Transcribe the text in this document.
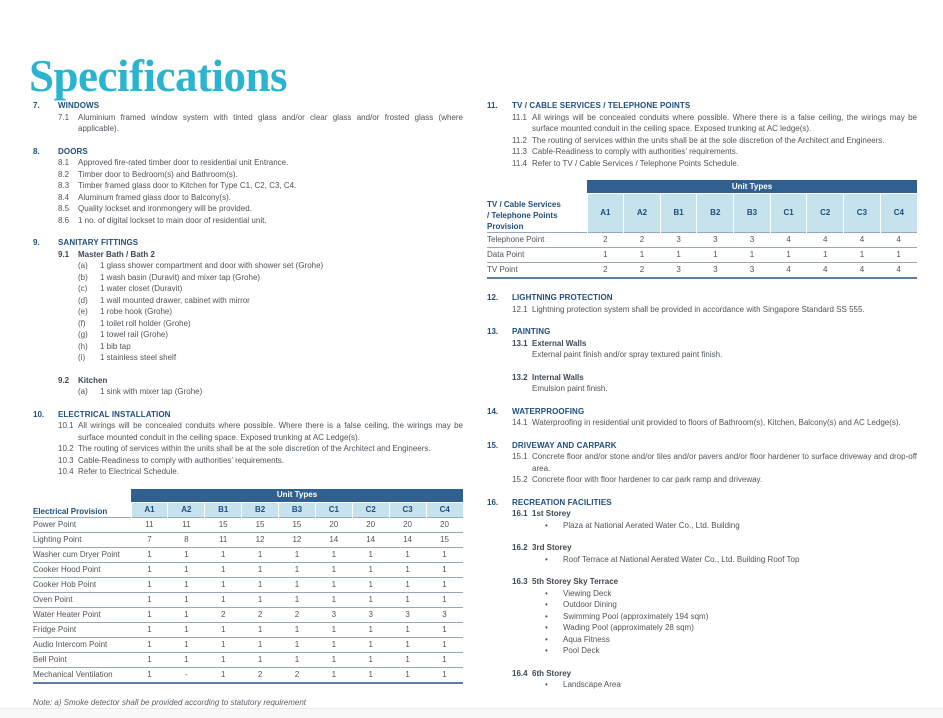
Specifications
7.	WINDOWS
7.1	Aluminium framed window system with tinted glass and/or clear glass and/or frosted glass (where applicable).
8.	DOORS
8.1	Approved fire-rated timber door to residential unit Entrance.
8.2	Timber door to Bedroom(s) and Bathroom(s).
8.3	Timber framed glass door to Kitchen for Type C1, C2, C3, C4.
8.4	Aluminum framed glass door to Balcony(s).
8.5	Quality lockset and ironmongery will be provided.
8.6	1 no. of digital lockset to main door of residential unit.
9.	SANITARY FITTINGS
9.1	Master Bath / Bath 2
(a)	1 glass shower compartment and door with shower set (Grohe)
(b)	1 wash basin (Duravit) and mixer tap (Grohe)
(c)	1 water closet (Duravit)
(d)	1 wall mounted drawer, cabinet with mirror
(e)	1 robe hook (Grohe)
(f)	1 toilet roll holder (Grohe)
(g)	1 towel rail (Grohe)
(h)	1 bib tap
(i)	1 stainless steel shelf
9.2	Kitchen
(a)	1 sink with mixer tap (Grohe)
10.	ELECTRICAL INSTALLATION
10.1 All wirings will be concealed conduits where possible. Where there is a false ceiling, the wirings may be surface mounted conduit in the ceiling space. Exposed trunking at AC Ledge(s).
10.2 The routing of services within the units shall be at the sole discretion of the Architect and Engineers.
10.3 Cable-Readiness to comply with authorities’ requirements.
10.4 Refer to Electrical Schedule.
	Unit Types								
Electrical Provision	A1	A2	B1	B2	B3	C1	C2	C3	C4
Power Point	11	11	15	15	15	20	20	20	20
Lighting Point	7	8	11	12	12	14	14	14	15
Washer cum Dryer Point	1	1	1	1	1	1	1	1	1
Cooker Hood Point	1	1	1	1	1	1	1	1	1
Cooker Hob Point	1	1	1	1	1	1	1	1	1
Oven Point	1	1	1	1	1	1	1	1	1
Water Heater Point	1	1	2	2	2	3	3	3	3
Fridge Point	1	1	1	1	1	1	1	1	1
Audio Intercom Point	1	1	1	1	1	1	1	1	1
Bell Point	1	1	1	1	1	1	1	1	1
Mechanical Ventilation	1	-	1	2	2	1	1	1	1
Note: a) Smoke detector shall be provided according to statutory requirement
11.	TV / CABLE SERVICES / TELEPHONE POINTS
11.1 All wirings will be concealed conduits where possible. Where there is a false ceiling, the wirings may be surface mounted conduit in the ceiling space. Exposed trunking at AC ledge(s).
11.2 The routing of services within the units shall be at the sole discretion of the Architect and Engineers.
11.3 Cable-Readiness to comply with authorities’ requirements.
11.4 Refer to TV / Cable Services / Telephone Points Schedule.
TV / Cable Services
/ Telephone Points
Provision	Unit Types								
	A1	A2	B1	B2	B3	C1	C2	C3	C4
Telephone Point	2	2	3	3	3	4	4	4	4
Data Point	1	1	1	1	1	1	1	1	1
TV Point	2	2	3	3	3	4	4	4	4
12.	LIGHTNING PROTECTION
12.1 Lightning protection system shall be provided in accordance with Singapore Standard SS 555.
13.	PAINTING
13.1 External Walls
External paint finish and/or spray textured paint finish.
13.2 Internal Walls
Emulsion paint finish.
14.	WATERPROOFING
14.1 Waterproofing in residential unit provided to floors of Bathroom(s), Kitchen, Balcony(s) and AC Ledge(s).
15.	DRIVEWAY AND CARPARK
15.1 Concrete floor and/or stone and/or tiles and/or pavers and/or floor hardener to surface driveway and drop-off area.
15.2 Concrete floor with floor hardener to car park ramp and driveway.
16.	RECREATION FACILITIES
16.1 1st Storey
•	Plaza at National Aerated Water Co., Ltd. Building
16.2 3rd Storey
•	Roof Terrace at National Aerated Water Co., Ltd. Building Roof Top
16.3 5th Storey Sky Terrace
•	Viewing Deck
•	Outdoor Dining
•	Swimming Pool (approximately 194 sqm)
•	Wading Pool (approximately 28 sqm)
•	Aqua Fitness
•	Pool Deck
16.4 6th Storey
•	Landscape Area
